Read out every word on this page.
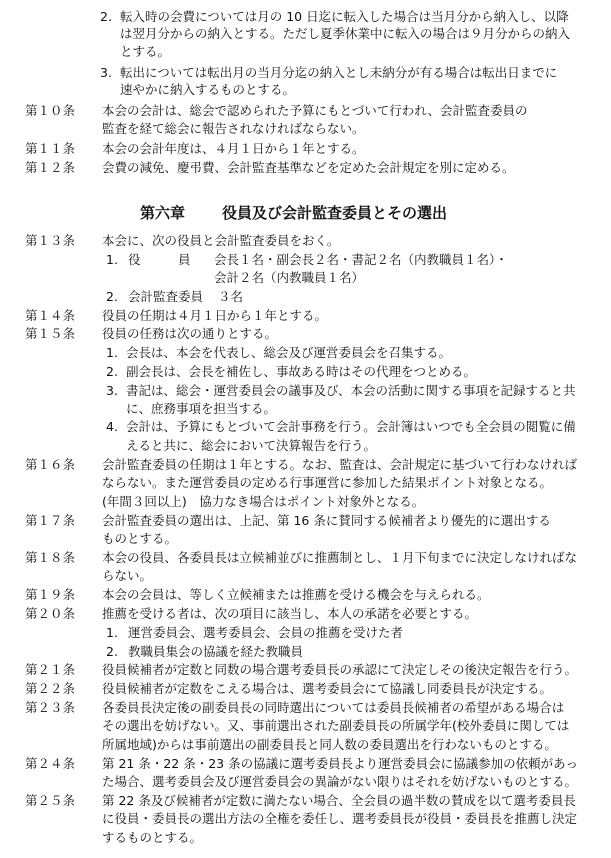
2. 転入時の会費については月の 10 日迄に転入した場合は当月分から納入し、以降
は翌月分からの納入とする。ただし夏季休業中に転入の場合は９月分からの納入
とする。
3. 転出については転出月の当月分迄の納入とし未納分が有る場合は転出日までに
速やかに納入するものとする。
第１０条 本会の会計は、総会で認められた予算にもとづいて行われ、会計監査委員の
監査を経て総会に報告されなければならない。
第１１条 本会の会計年度は、４月１日から１年とする。
第１２条 会費の減免、慶弔費、会計監査基準などを定めた会計規定を別に定める。
第六章 役員及び会計監査委員とその選出
第１３条 本会に、次の役員と会計監査委員をおく。
1. 役　　　員 会長１名・副会長２名・書記２名（内教職員１名）・
会計２名（内教職員１名）
2. 会計監査委員 ３名
第１４条 役員の任期は４月１日から１年とする。
第１５条 役員の任務は次の通りとする。
1. 会長は、本会を代表し、総会及び運営委員会を召集する。
2. 副会長は、会長を補佐し、事故ある時はその代理をつとめる。
3. 書記は、総会・運営委員会の議事及び、本会の活動に関する事項を記録すると共
に、庶務事項を担当する。
4. 会計は、予算にもとづいて会計事務を行う。会計簿はいつでも全会員の閲覧に備
えると共に、総会において決算報告を行う。
第１６条 会計監査委員の任期は１年とする。なお、監査は、会計規定に基づいて行わなければ
ならない。また運営委員の定める行事運営に参加した結果ポイント対象となる。
(年間３回以上)　協力なき場合はポイント対象外となる。
第１７条 会計監査委員の選出は、上記、第 16 条に賛同する候補者より優先的に選出する
ものとする。
第１８条 本会の役員、各委員長は立候補並びに推薦制とし、１月下旬までに決定しなければな
らない。
第１９条 本会の会員は、等しく立候補または推薦を受ける機会を与えられる。
第２０条 推薦を受ける者は、次の項目に該当し、本人の承諾を必要とする。
1. 運営委員会、選考委員会、会員の推薦を受けた者
2. 教職員集会の協議を経た教職員
第２１条 役員候補者が定数と同数の場合選考委員長の承認にて決定しその後決定報告を行う。
第２２条 役員候補者が定数をこえる場合は、選考委員会にて協議し同委員長が決定する。
第２３条 各委員長決定後の副委員長の同時選出については委員長候補者の希望がある場合は
その選出を妨げない。又、事前選出された副委員長の所属学年(校外委員に関しては
所属地域)からは事前選出の副委員長と同人数の委員選出を行わないものとする。
第２４条 第 21 条・22 条・23 条の協議に選考委員長より運営委員会に協議参加の依頼があっ
た場合、選考委員会及び運営委員会の異論がない限りはそれを妨げないものとする。
第２５条 第 22 条及び候補者が定数に満たない場合、全会員の過半数の賛成を以て選考委員長
に役員・委員長の選出方法の全権を委任し、選考委員長が役員・委員長を推薦し決定
するものとする。
